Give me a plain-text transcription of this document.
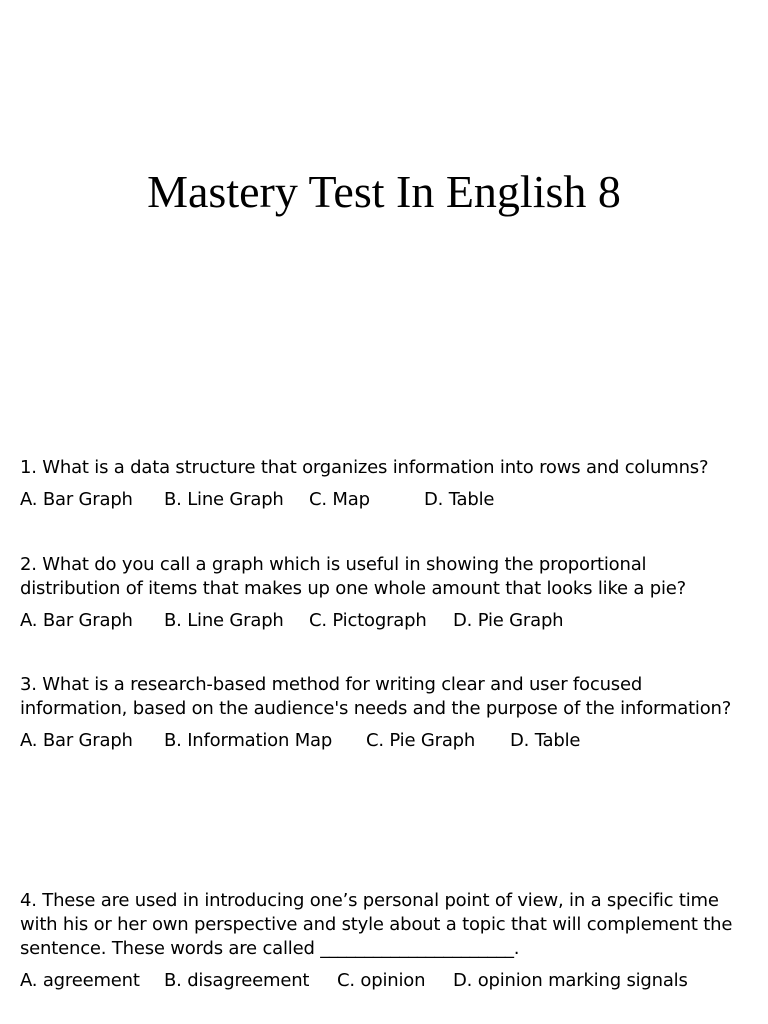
Mastery Test In English 8

1. What is a data structure that organizes information into rows and columns?

A. Bar Graph	B. Line Graph	C. Map	D. Table

2. What do you call a graph which is useful in showing the proportional distribution of items that makes up one whole amount that looks like a pie?

A. Bar Graph	B. Line Graph	C. Pictograph	D. Pie Graph

3. What is a research-based method for writing clear and user focused information, based on the audience's needs and the purpose of the information?

A. Bar Graph	B. Information Map	C. Pie Graph	D. Table

4. These are used in introducing one’s personal point of view, in a specific time with his or her own perspective and style about a topic that will complement the sentence. These words are called ______________________.

A. agreement	B. disagreement	C. opinion	D. opinion marking signals
